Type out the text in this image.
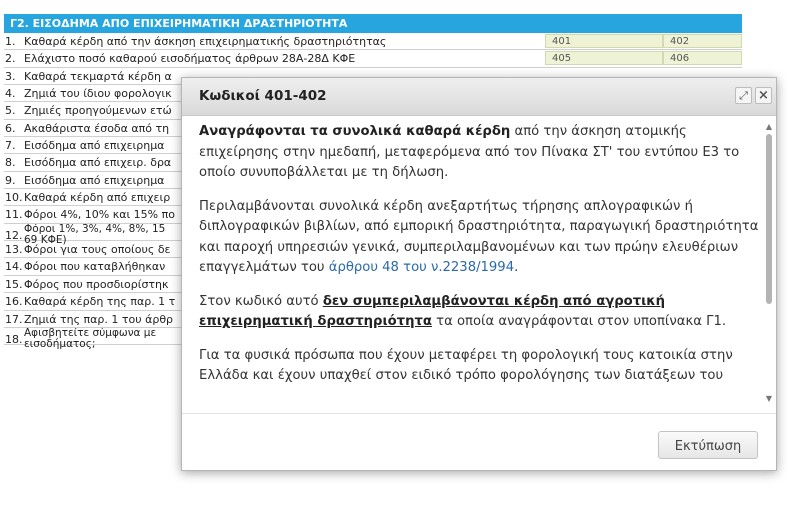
Γ2. ΕΙΣΟΔΗΜΑ ΑΠΟ ΕΠΙΧΕΙΡΗΜΑΤΙΚΗ ΔΡΑΣΤΗΡΙΟΤΗΤΑ
1. Καθαρά κέρδη από την άσκηση επιχειρηματικής δραστηριότητας	401	402
2. Ελάχιστο ποσό καθαρού εισοδήματος άρθρων 28Α-28Δ ΚΦΕ	405	406
3. Καθαρά τεκμαρτά κέρδη α
4. Ζημιά του ίδιου φορολογικ
5. Ζημιές προηγούμενων ετώ
6. Ακαθάριστα έσοδα από τη
7. Εισόδημα από επιχειρημα
8. Εισόδημα από επιχειρ. δρα
9. Εισόδημα από επιχειρημα
10. Καθαρά κέρδη από επιχειρ
11. Φόροι 4%, 10% και 15% πο
12. Φόροι 1%, 3%, 4%, 8%, 15
69 ΚΦΕ)
13. Φόροι για τους οποίους δε
14. Φόροι που καταβλήθηκαν
15. Φόρος που προσδιορίστηκ
16. Καθαρά κέρδη της παρ. 1 τ
17. Ζημιά της παρ. 1 του άρθρ
18. Αφισβητείτε σύμφωνα με
εισοδήματος;
Κωδικοί 401-402	⤢ ×

Αναγράφονται τα συνολικά καθαρά κέρδη από την άσκηση ατομικής επιχείρησης στην ημεδαπή, μεταφερόμενα από τον Πίνακα ΣΤ' του εντύπου Ε3 το οποίο συνυποβάλλεται με τη δήλωση.

Περιλαμβάνονται συνολικά κέρδη ανεξαρτήτως τήρησης απλογραφικών ή διπλογραφικών βιβλίων, από εμπορική δραστηριότητα, παραγωγική δραστηριότητα και παροχή υπηρεσιών γενικά, συμπεριλαμβανομένων και των πρώην ελευθέριων επαγγελμάτων του άρθρου 48 του ν.2238/1994.

Στον κωδικό αυτό δεν συμπεριλαμβάνονται κέρδη από αγροτική επιχειρηματική δραστηριότητα τα οποία αναγράφονται στον υποπίνακα Γ1.

Για τα φυσικά πρόσωπα που έχουν μεταφέρει τη φορολογική τους κατοικία στην Ελλάδα και έχουν υπαχθεί στον ειδικό τρόπο φορολόγησης των διατάξεων του

▲
▼
Εκτύπωση
